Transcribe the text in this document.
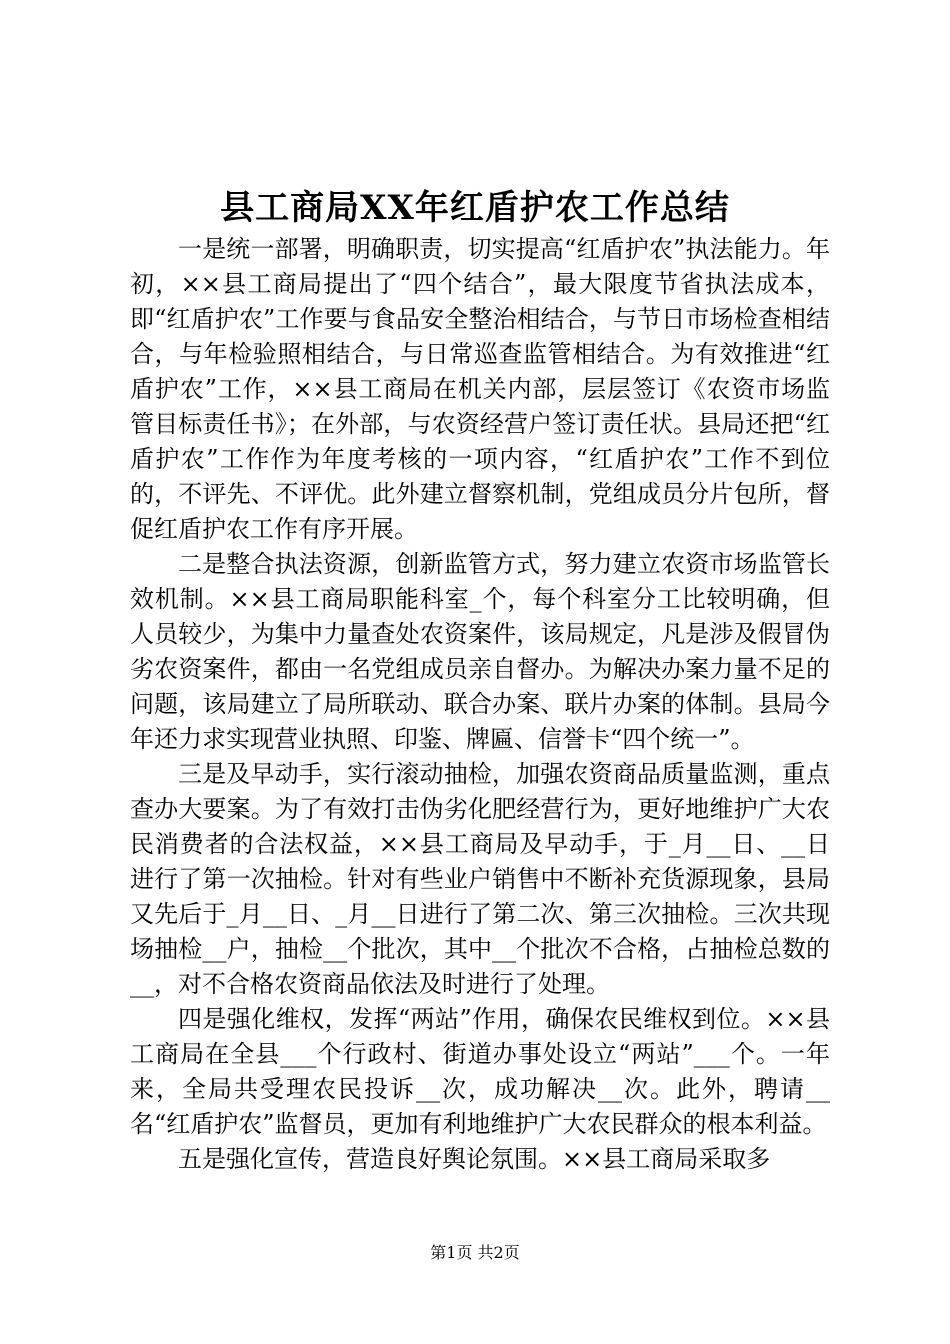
县工商局XX年红盾护农工作总结

一是统一部署，明确职责，切实提高“红盾护农”执法能力。年初，××县工商局提出了“四个结合”，最大限度节省执法成本，即“红盾护农”工作要与食品安全整治相结合，与节日市场检查相结合，与年检验照相结合，与日常巡查监管相结合。为有效推进“红盾护农”工作，××县工商局在机关内部，层层签订《农资市场监管目标责任书》；在外部，与农资经营户签订责任状。县局还把“红盾护农”工作作为年度考核的一项内容，“红盾护农”工作不到位的，不评先、不评优。此外建立督察机制，党组成员分片包所，督促红盾护农工作有序开展。

二是整合执法资源，创新监管方式，努力建立农资市场监管长效机制。××县工商局职能科室_个，每个科室分工比较明确，但人员较少，为集中力量查处农资案件，该局规定，凡是涉及假冒伪劣农资案件，都由一名党组成员亲自督办。为解决办案力量不足的问题，该局建立了局所联动、联合办案、联片办案的体制。县局今年还力求实现营业执照、印鉴、牌匾、信誉卡“四个统一”。

三是及早动手，实行滚动抽检，加强农资商品质量监测，重点查办大要案。为了有效打击伪劣化肥经营行为，更好地维护广大农民消费者的合法权益，××县工商局及早动手，于_月__日、__日进行了第一次抽检。针对有些业户销售中不断补充货源现象，县局又先后于_月__日、_月__日进行了第二次、第三次抽检。三次共现场抽检__户，抽检__个批次，其中__个批次不合格，占抽检总数的__，对不合格农资商品依法及时进行了处理。

四是强化维权，发挥“两站”作用，确保农民维权到位。××县工商局在全县___个行政村、街道办事处设立“两站”___个。一年来，全局共受理农民投诉__次，成功解决__次。此外，聘请__名“红盾护农”监督员，更加有利地维护广大农民群众的根本利益。

五是强化宣传，营造良好舆论氛围。××县工商局采取多

第1页 共2页
